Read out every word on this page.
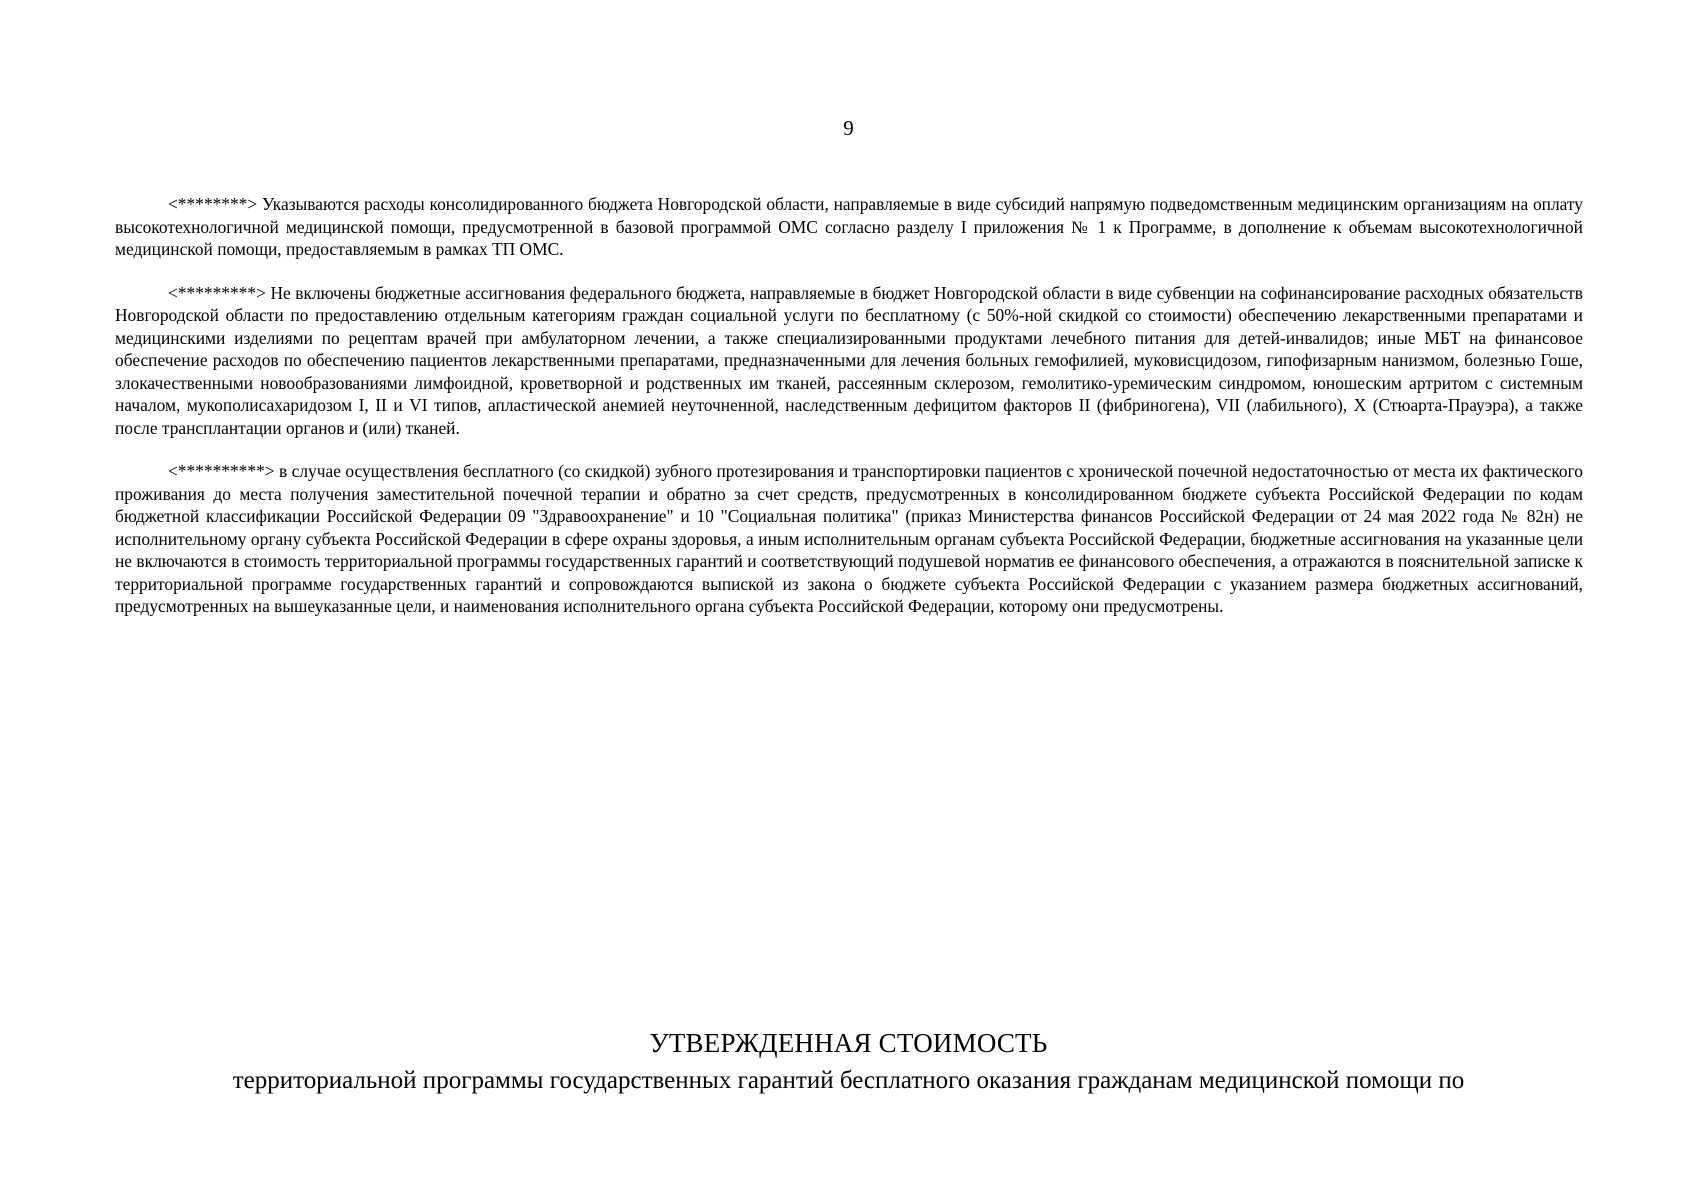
9

<********> Указываются расходы консолидированного бюджета Новгородской области, направляемые в виде субсидий напрямую подведомственным медицинским организациям на оплату высокотехнологичной медицинской помощи, предусмотренной в базовой программой ОМС согласно разделу I приложения № 1 к Программе, в дополнение к объемам высокотехнологичной медицинской помощи, предоставляемым в рамках ТП ОМС.

<*********> Не включены бюджетные ассигнования федерального бюджета, направляемые в бюджет Новгородской области в виде субвенции на софинансирование расходных обязательств Новгородской области по предоставлению отдельным категориям граждан социальной услуги по бесплатному (с 50%-ной скидкой со стоимости) обеспечению лекарственными препаратами и медицинскими изделиями по рецептам врачей при амбулаторном лечении, а также специализированными продуктами лечебного питания для детей-инвалидов; иные МБТ на финансовое обеспечение расходов по обеспечению пациентов лекарственными препаратами, предназначенными для лечения больных гемофилией, муковисцидозом, гипофизарным нанизмом, болезнью Гоше, злокачественными новообразованиями лимфоидной, кроветворной и родственных им тканей, рассеянным склерозом, гемолитико-уремическим синдромом, юношеским артритом с системным началом, мукополисахаридозом I, II и VI типов, апластической анемией неуточненной, наследственным дефицитом факторов II (фибриногена), VII (лабильного), X (Стюарта-Прауэра), а также после трансплантации органов и (или) тканей.

<**********> в случае осуществления бесплатного (со скидкой) зубного протезирования и транспортировки пациентов с хронической почечной недостаточностью от места их фактического проживания до места получения заместительной почечной терапии и обратно за счет средств, предусмотренных в консолидированном бюджете субъекта Российской Федерации по кодам бюджетной классификации Российской Федерации 09 "Здравоохранение" и 10 "Социальная политика" (приказ Министерства финансов Российской Федерации от 24 мая 2022 года № 82н) не исполнительному органу субъекта Российской Федерации в сфере охраны здоровья, а иным исполнительным органам субъекта Российской Федерации, бюджетные ассигнования на указанные цели не включаются в стоимость территориальной программы государственных гарантий и соответствующий подушевой норматив ее финансового обеспечения, а отражаются в пояснительной записке к территориальной программе государственных гарантий и сопровождаются выпиской из закона о бюджете субъекта Российской Федерации с указанием размера бюджетных ассигнований, предусмотренных на вышеуказанные цели, и наименования исполнительного органа субъекта Российской Федерации, которому они предусмотрены.

УТВЕРЖДЕННАЯ СТОИМОСТЬ
территориальной программы государственных гарантий бесплатного оказания гражданам медицинской помощи по
